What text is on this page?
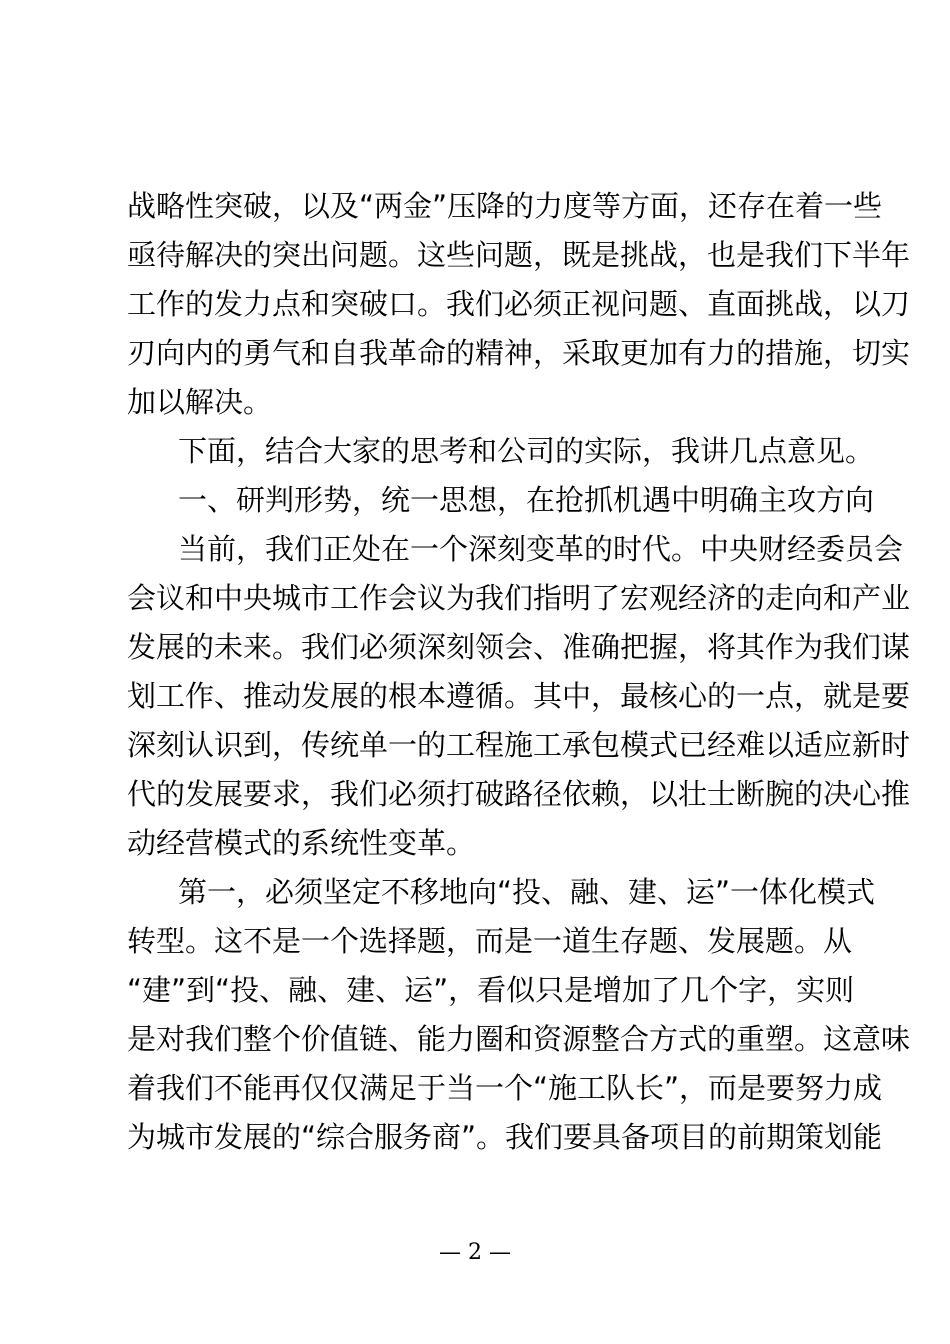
战略性突破，以及“两金”压降的力度等方面，还存在着一些
亟待解决的突出问题。这些问题，既是挑战，也是我们下半年
工作的发力点和突破口。我们必须正视问题、直面挑战，以刀
刃向内的勇气和自我革命的精神，采取更加有力的措施，切实
加以解决。
下面，结合大家的思考和公司的实际，我讲几点意见。
一、研判形势，统一思想，在抢抓机遇中明确主攻方向
当前，我们正处在一个深刻变革的时代。中央财经委员会
会议和中央城市工作会议为我们指明了宏观经济的走向和产业
发展的未来。我们必须深刻领会、准确把握，将其作为我们谋
划工作、推动发展的根本遵循。其中，最核心的一点，就是要
深刻认识到，传统单一的工程施工承包模式已经难以适应新时
代的发展要求，我们必须打破路径依赖，以壮士断腕的决心推
动经营模式的系统性变革。
第一，必须坚定不移地向“投、融、建、运”一体化模式
转型。这不是一个选择题，而是一道生存题、发展题。从
“建”到“投、融、建、运”，看似只是增加了几个字，实则
是对我们整个价值链、能力圈和资源整合方式的重塑。这意味
着我们不能再仅仅满足于当一个“施工队长”，而是要努力成
为城市发展的“综合服务商”。我们要具备项目的前期策划能
— 2 —
